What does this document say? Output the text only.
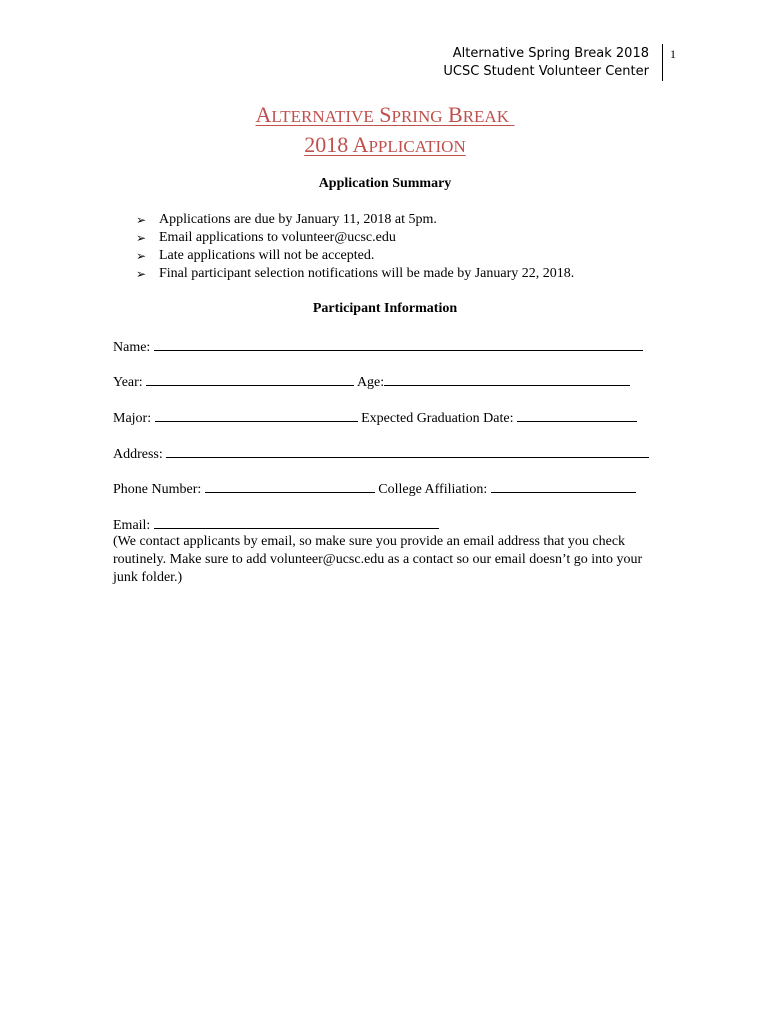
Alternative Spring Break 2018
UCSC Student Volunteer Center
1
ALTERNATIVE SPRING BREAK
2018 APPLICATION
Application Summary
➢ Applications are due by January 11, 2018 at 5pm.
➢ Email applications to volunteer@ucsc.edu
➢ Late applications will not be accepted.
➢ Final participant selection notifications will be made by January 22, 2018.
Participant Information
Name:
Year:	Age:
Major:	Expected Graduation Date:
Address:
Phone Number:	College Affiliation:
Email:
(We contact applicants by email, so make sure you provide an email address that you check routinely. Make sure to add volunteer@ucsc.edu as a contact so our email doesn’t go into your junk folder.)
